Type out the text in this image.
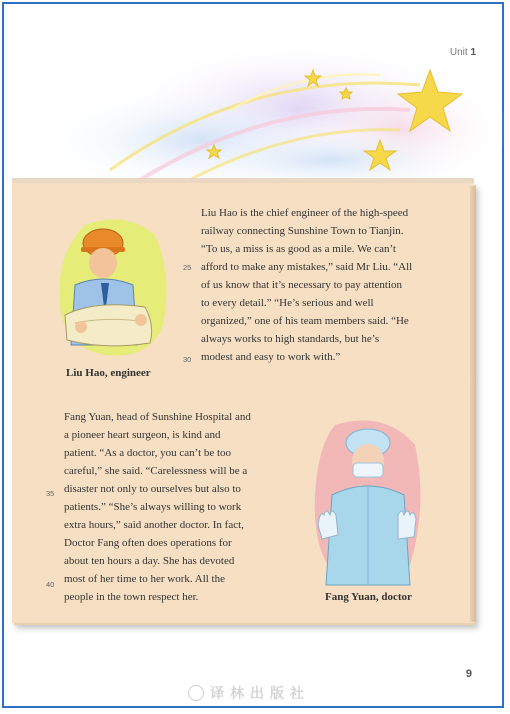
Unit 1
Liu Hao, engineer
Fang Yuan, doctor
Liu Hao is the chief engineer of the high-speed
railway connecting Sunshine Town to Tianjin.
“To us, a miss is as good as a mile. We can’t
afford to make any mistakes,” said Mr Liu. “All
of us know that it’s necessary to pay attention
to every detail.” “He’s serious and well
organized,” one of his team members said. “He
always works to high standards, but he’s
modest and easy to work with.”
25
30
Fang Yuan, head of Sunshine Hospital and
a pioneer heart surgeon, is kind and
patient. “As a doctor, you can’t be too
careful,” she said. “Carelessness will be a
disaster not only to ourselves but also to
patients.” “She’s always willing to work
extra hours,” said another doctor. In fact,
Doctor Fang often does operations for
about ten hours a day. She has devoted
most of her time to her work. All the
people in the town respect her.
35
40
9
译林出版社
